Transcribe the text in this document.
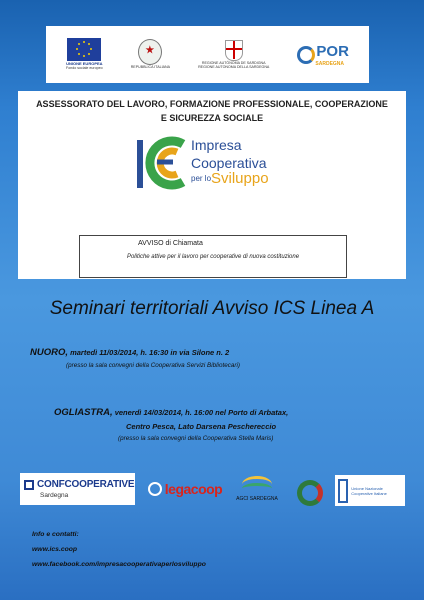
UNIONE EUROPEA
Fondo sociale europeo	REPUBBLICA ITALIANA
REGIONE AUTÓNOMA DE SARDIGNA
REGIONE AUTONOMA DELLA SARDEGNA
POR
SARDEGNA
ASSESSORATO DEL LAVORO, FORMAZIONE PROFESSIONALE, COOPERAZIONE E SICUREZZA SOCIALE
Impresa
Cooperativa
per lo Sviluppo
AVVISO di Chiamata
Politiche attive per il lavoro per cooperative di nuova costituzione
Seminari territoriali Avviso ICS Linea A
NUORO, martedì 11/03/2014, h. 16:30 in via Silone n. 2
(presso la sala convegni della Cooperativa Servizi Bibliotecari)
OGLIASTRA, venerdì 14/03/2014, h. 16:00 nel Porto di Arbatax,
Centro Pesca, Lato Darsena Peschereccio
(presso la sala convegni della Cooperativa Stella Maris)
CONFCOOPERATIVE
Sardegna	legacoop
AGCI SARDEGNA
Unione Nazionale Cooperative Italiane
Info e contatti:
www.ics.coop
www.facebook.com/impresacooperativaperlosviluppo
